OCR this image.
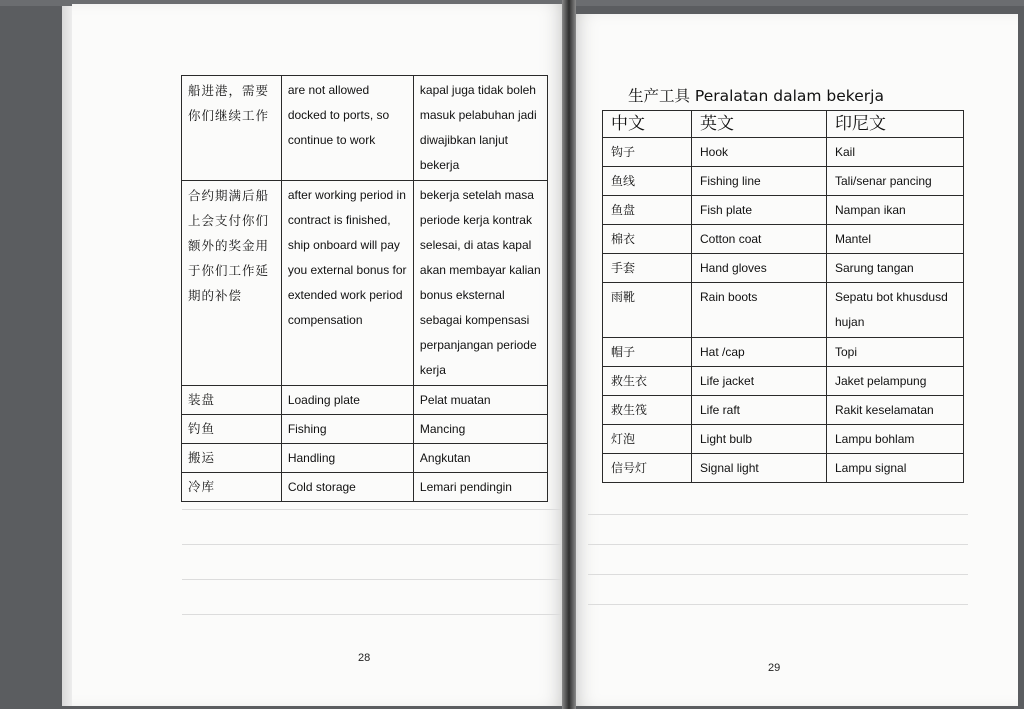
船进港，需要你们继续工作	are not allowed docked to ports, so continue to work	kapal juga tidak boleh masuk pelabuhan jadi diwajibkan lanjut bekerja
合约期满后船上会支付你们额外的奖金用于你们工作延期的补偿	after working period in contract is finished, ship onboard will pay you external bonus for extended work period compensation	bekerja setelah masa periode kerja kontrak selesai, di atas kapal akan membayar kalian bonus eksternal sebagai kompensasi perpanjangan periode kerja
装盘	Loading plate	Pelat muatan
钓鱼	Fishing	Mancing
搬运	Handling	Angkutan
冷库	Cold storage	Lemari pendingin
28
生产工具 Peralatan dalam bekerja
中文	英文	印尼文
钩子	Hook	Kail
鱼线	Fishing line	Tali/senar pancing
鱼盘	Fish plate	Nampan ikan
棉衣	Cotton coat	Mantel
手套	Hand gloves	Sarung tangan
雨靴	Rain boots	Sepatu bot khusdusd hujan
帽子	Hat /cap	Topi
救生衣	Life jacket	Jaket pelampung
救生筏	Life raft	Rakit keselamatan
灯泡	Light bulb	Lampu bohlam
信号灯	Signal light	Lampu signal
29
